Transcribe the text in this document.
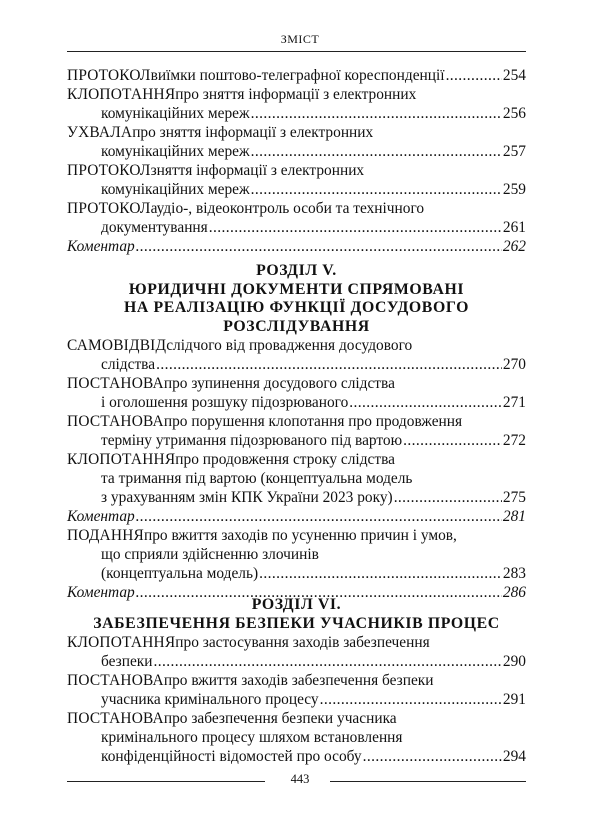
ЗМІСТ
ПРОТОКОЛ виїмки поштово-телеграфної кореспонденції .....	254
КЛОПОТАННЯ про зняття інформації з електронних
комунікаційних мереж .....	256
УХВАЛА про зняття інформації з електронних
комунікаційних мереж .....	257
ПРОТОКОЛ зняття інформації з електронних
комунікаційних мереж .....	259
ПРОТОКОЛ аудіо-, відеоконтроль особи та технічного
документування .....	261
Коментар .....	262
РОЗДІЛ V.
ЮРИДИЧНІ ДОКУМЕНТИ СПРЯМОВАНІ
НА РЕАЛІЗАЦІЮ ФУНКЦІЇ ДОСУДОВОГО
РОЗСЛІДУВАННЯ
САМОВІДВІД слідчого від провадження досудового
слідства .....	270
ПОСТАНОВА про зупинення досудового слідства
і оголошення розшуку підозрюваного .....	271
ПОСТАНОВА про порушення клопотання про продовження
терміну утримання підозрюваного під вартою .....	272
КЛОПОТАННЯ про продовження строку слідства
та тримання під вартою (концептуальна модель
з урахуванням змін КПК України 2023 року) .....	275
Коментар .....	281
ПОДАННЯ про вжиття заходів по усуненню причин і умов,
що сприяли здійсненню злочинів
(концептуальна модель) .....	283
Коментар .....	286
РОЗДІЛ VI.
ЗАБЕЗПЕЧЕННЯ БЕЗПЕКИ УЧАСНИКІВ ПРОЦЕС
КЛОПОТАННЯ про застосування заходів забезпечення
безпеки .....	290
ПОСТАНОВА про вжиття заходів забезпечення безпеки
учасника кримінального процесу .....	291
ПОСТАНОВА про забезпечення безпеки учасника
кримінального процесу шляхом встановлення
конфіденційності відомостей про особу .....	294
443
